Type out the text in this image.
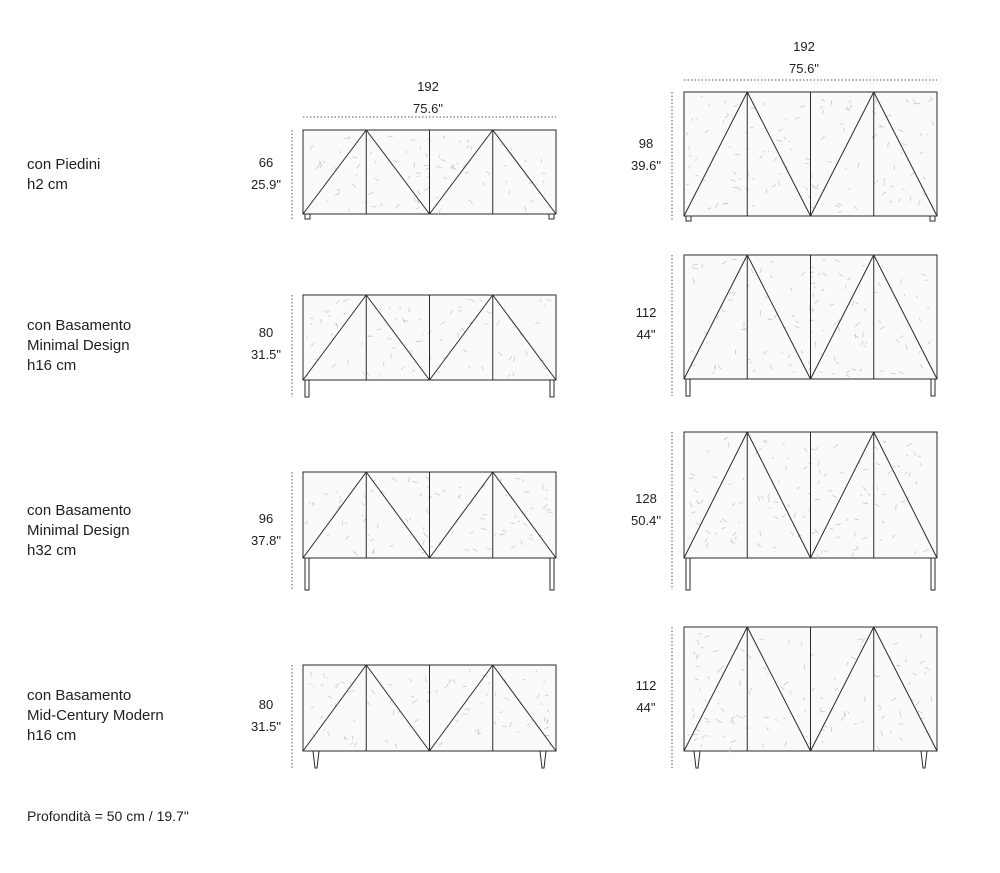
con Piedini
h2 cm
con Basamento
Minimal Design
h16 cm
con Basamento
Minimal Design
h32 cm
con Basamento
Mid-Century Modern
h16 cm
192
75.6"
192
75.6"
66
25.9"
80
31.5"
96
37.8"
80
31.5"
98
39.6"
112
44"
128
50.4"
112
44"
Profondità = 50 cm / 19.7"
